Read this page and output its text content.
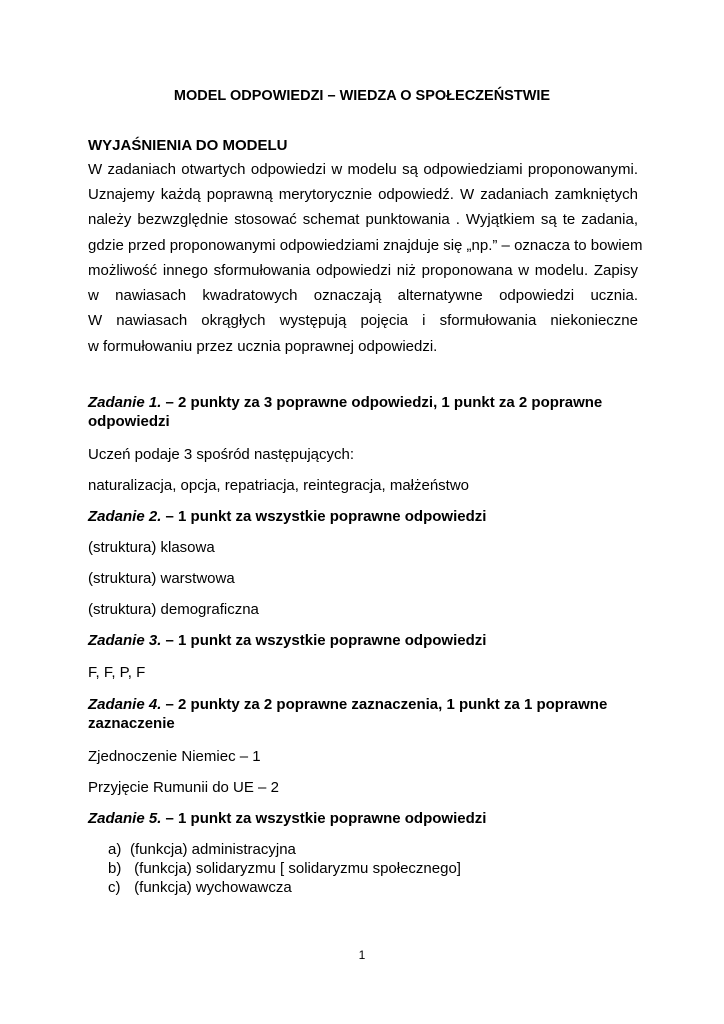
MODEL ODPOWIEDZI – WIEDZA O SPOŁECZEŃSTWIE

WYJAŚNIENIA DO MODELU

W zadaniach otwartych odpowiedzi w modelu są odpowiedziami proponowanymi.

Uznajemy każdą poprawną merytorycznie odpowiedź. W zadaniach zamkniętych

należy bezwzględnie stosować schemat punktowania . Wyjątkiem są te zadania,

gdzie przed proponowanymi odpowiedziami znajduje się „np.” – oznacza to bowiem

możliwość innego sformułowania odpowiedzi niż proponowana w modelu. Zapisy

w nawiasach kwadratowych oznaczają alternatywne odpowiedzi ucznia.

W nawiasach okrągłych występują pojęcia i sformułowania niekonieczne

w formułowaniu przez ucznia poprawnej odpowiedzi.

Zadanie 1. – 2 punkty za 3 poprawne odpowiedzi, 1 punkt za 2 poprawne

odpowiedzi

Uczeń podaje 3 spośród następujących:

naturalizacja, opcja, repatriacja, reintegracja, małżeństwo

Zadanie 2. – 1 punkt za wszystkie poprawne odpowiedzi

(struktura) klasowa

(struktura) warstwowa

(struktura) demograficzna

Zadanie 3. – 1 punkt za wszystkie poprawne odpowiedzi

F, F, P, F

Zadanie 4. – 2 punkty za 2 poprawne zaznaczenia, 1 punkt za 1 poprawne

zaznaczenie

Zjednoczenie Niemiec – 1

Przyjęcie Rumunii do UE – 2

Zadanie 5. – 1 punkt za wszystkie poprawne odpowiedzi

a) (funkcja) administracyjna
b) (funkcja) solidaryzmu [ solidaryzmu społecznego]
c) (funkcja) wychowawcza

1
